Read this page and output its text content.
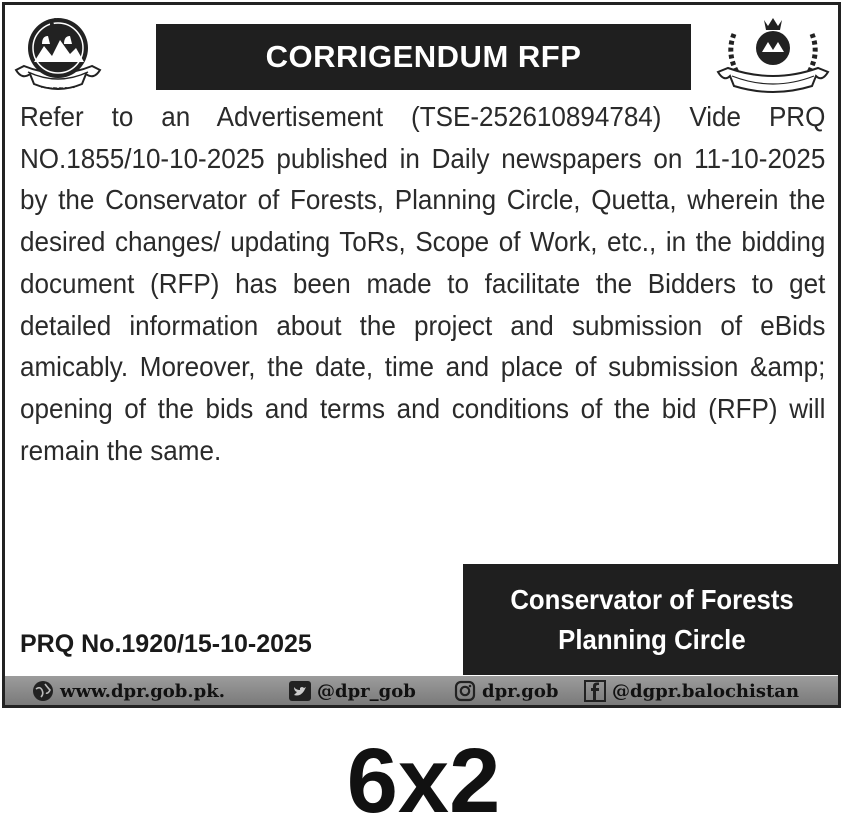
~~~~~~
CORRIGENDUM RFP
Refer to an Advertisement (TSE-252610894784) Vide PRQ NO.1855/10-10-2025 published in Daily newspapers on 11-10-2025 by the Conservator of Forests, Planning Circle, Quetta, wherein the desired changes/ updating ToRs, Scope of Work, etc., in the bidding document (RFP) has been made to facilitate the Bidders to get detailed information about the project and submission of eBids amicably. Moreover, the date, time and place of submission &amp; opening of the bids and terms and conditions of the bid (RFP) will remain the same.
Conservator of Forests
Planning Circle
PRQ No.1920/15-10-2025
www.dpr.gob.pk.	@dpr_gob	dpr.gob	@dgpr.balochistan
6x2
